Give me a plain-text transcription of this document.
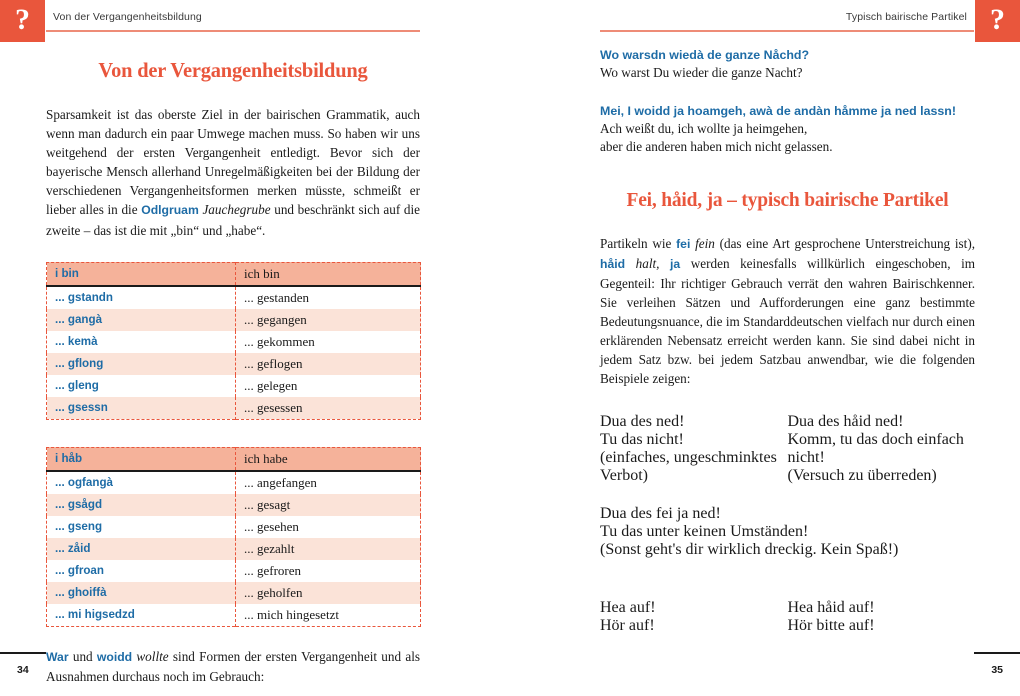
?	Von der Vergangenheitsbildung
Von der Vergangenheitsbildung

Sparsamkeit ist das oberste Ziel in der bairischen Grammatik, auch wenn man dadurch ein paar Umwege machen muss. So haben wir uns weitgehend der ersten Vergangenheit entledigt. Bevor sich der bayerische Mensch allerhand Unregelmäßigkeiten bei der Bildung der verschiedenen Vergangenheitsformen merken müsste, schmeißt er lieber alles in die Odlgruam Jauchegrube und beschränkt sich auf die zweite – das ist die mit „bin“ und „habe“.

i bin	ich bin
... gstandn	... gestanden
... gangà	... gegangen
... kemà	... gekommen
... gflong	... geflogen
... gleng	... gelegen
... gsessn	... gesessen
i håb	ich habe
... ogfangà	... angefangen
... gsågd	... gesagt
... gseng	... gesehen
... zåid	... gezahlt
... gfroan	... gefroren
... ghoiffà	... geholfen
... mi higsedzd	... mich hingesetzt

War und woidd wollte sind Formen der ersten Vergangenheit und als Ausnahmen durchaus noch im Gebrauch:

34
?
Typisch bairische Partikel
Wo warsdn wiedà de ganze Nåchd?
Wo warst Du wieder die ganze Nacht?
Mei, I woidd ja hoamgeh, awà de andàn håmme ja ned lassn!
Ach weißt du, ich wollte ja heimgehen,
aber die anderen haben mich nicht gelassen.
Fei, håid, ja – typisch bairische Partikel

Partikeln wie fei fein (das eine Art gesprochene Unterstreichung ist), håid halt, ja werden keinesfalls willkürlich eingeschoben, im Gegenteil: Ihr richtiger Gebrauch verrät den wahren Bairischkenner. Sie verleihen Sätzen und Aufforderungen eine ganz bestimmte Bedeutungsnuance, die im Standarddeutschen vielfach nur durch einen erklärenden Nebensatz erreicht werden kann. Sie sind dabei nicht in jedem Satz bzw. bei jedem Satzbau anwendbar, wie die folgenden Beispiele zeigen:

Dua des ned!
Tu das nicht!
(einfaches, ungeschminktes
Verbot)
Dua des håid ned!
Komm, tu das doch einfach
nicht!
(Versuch zu überreden)
Dua des fei ja ned!
Tu das unter keinen Umständen!
(Sonst geht's dir wirklich dreckig. Kein Spaß!)
Hea auf!
Hör auf!
Hea håid auf!
Hör bitte auf!
35
